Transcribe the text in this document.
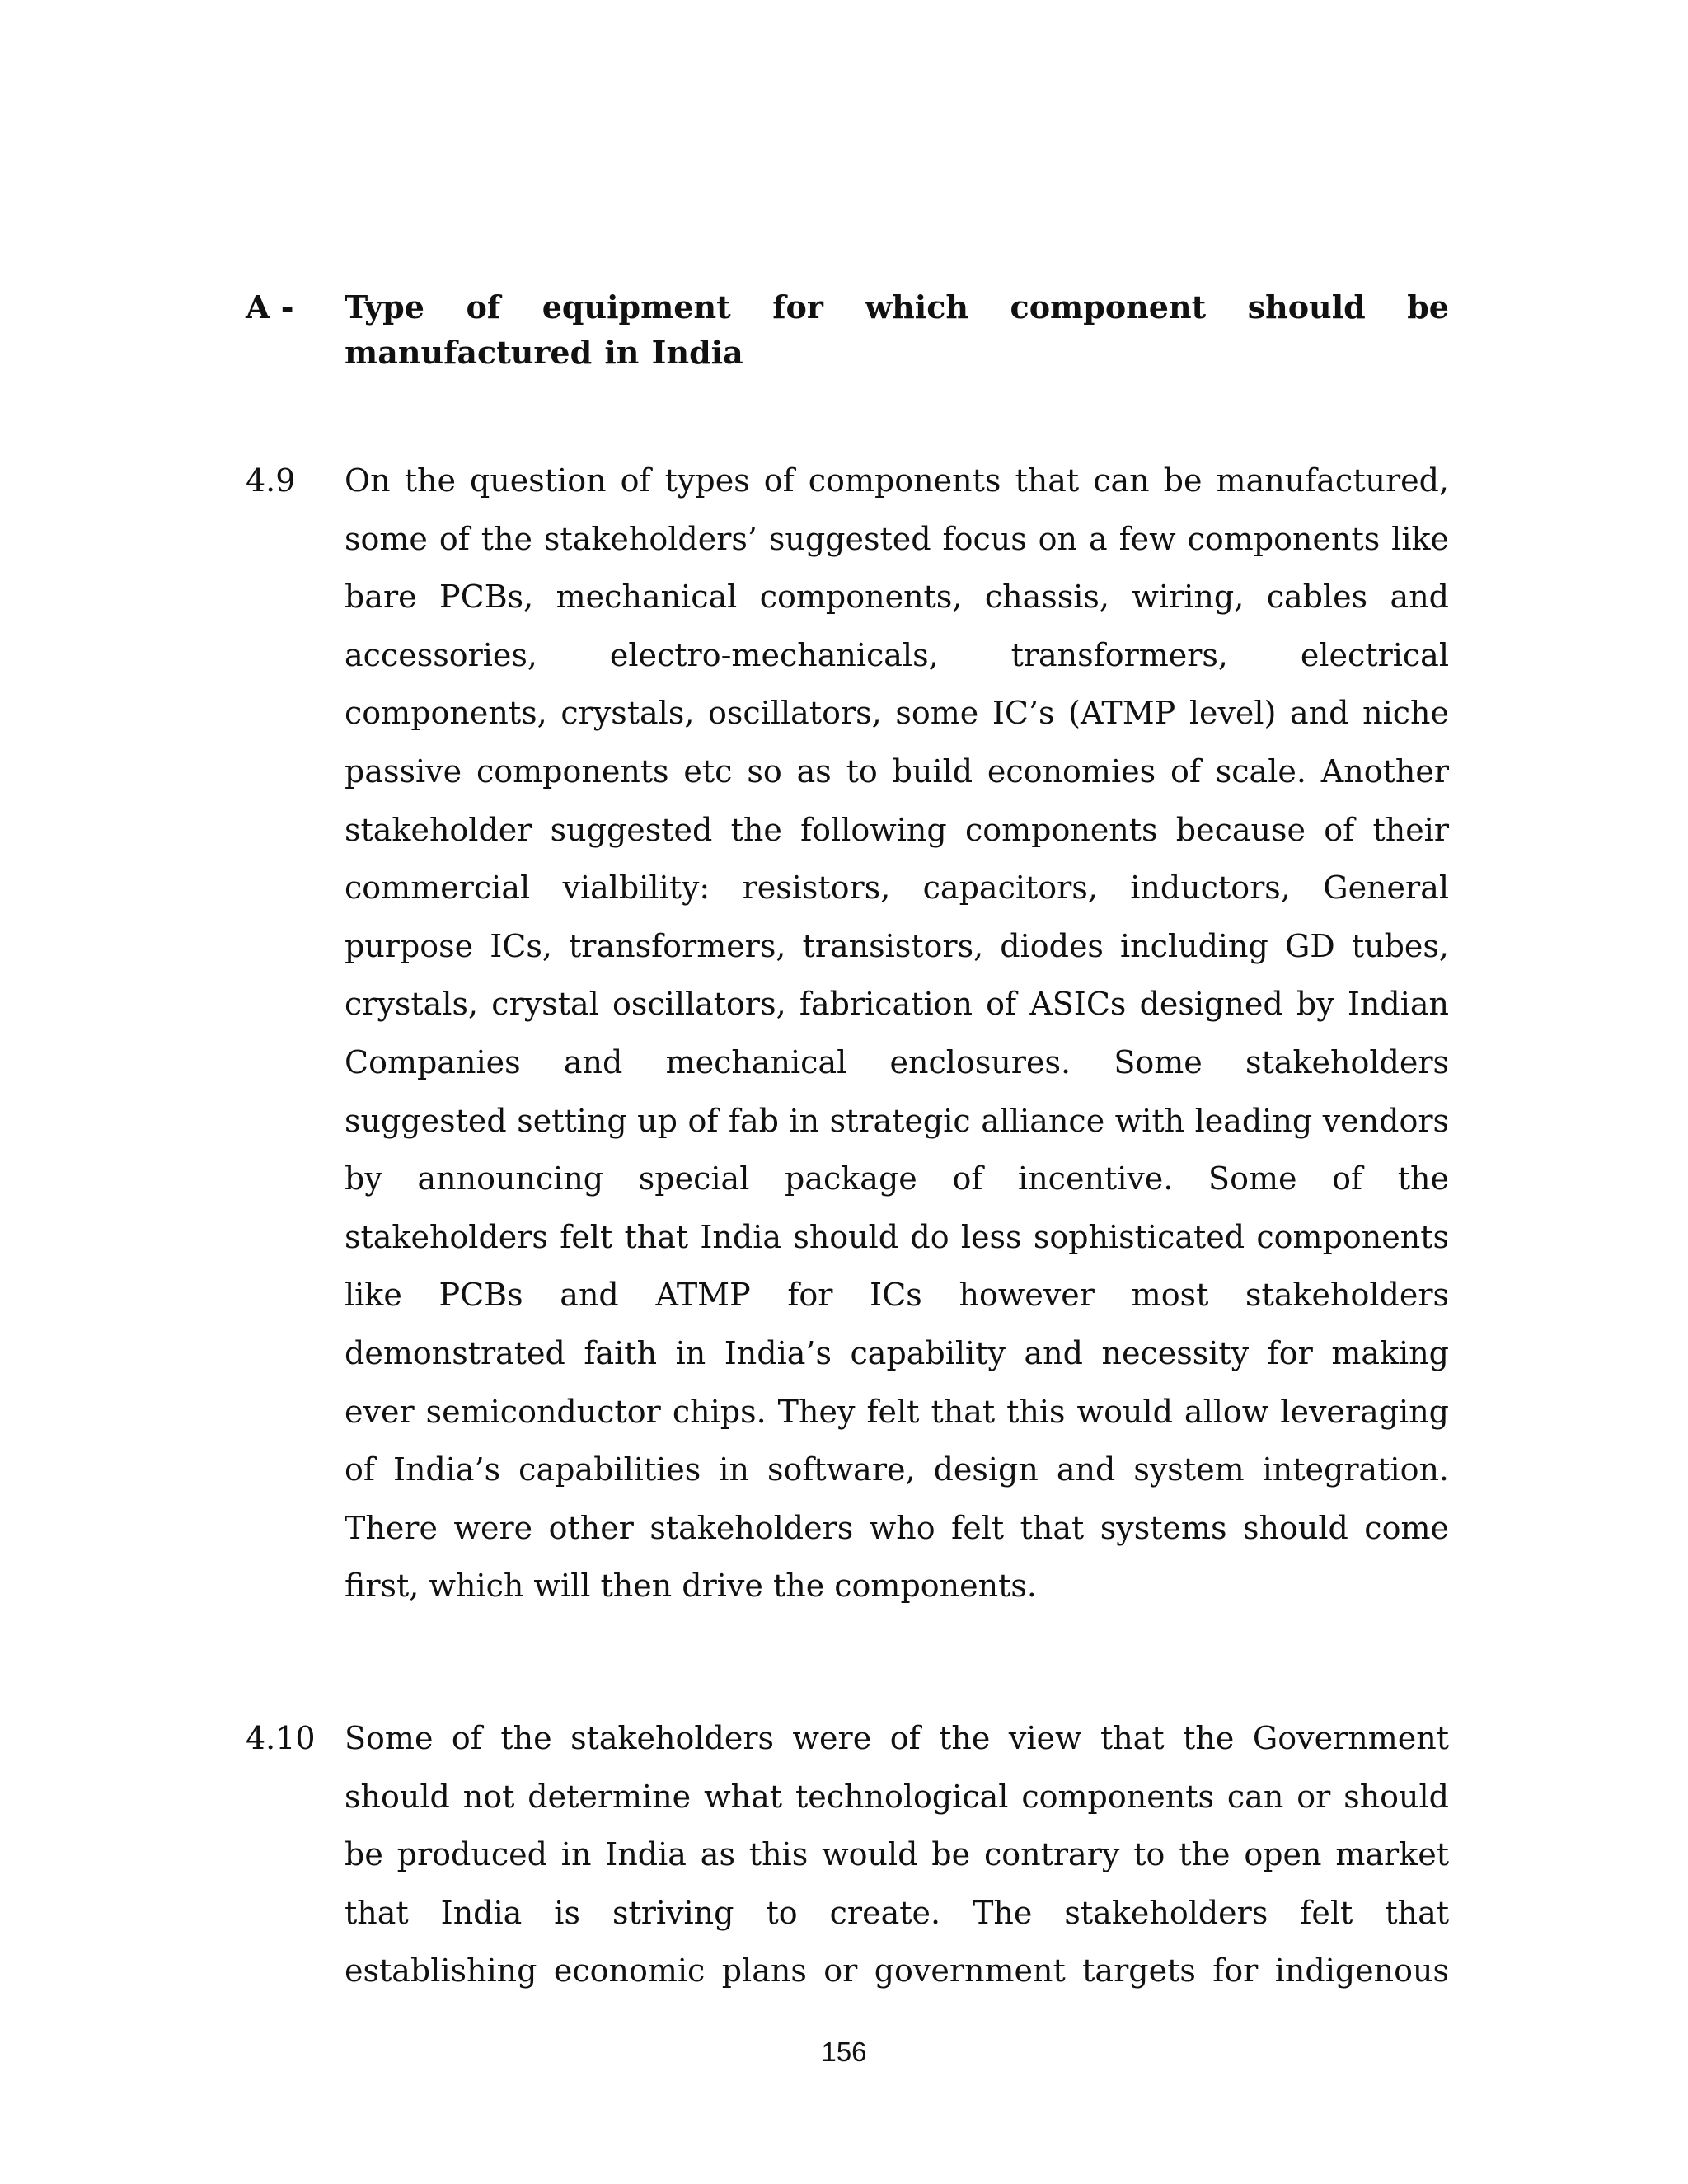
A - Type of equipment for which component should be manufactured in India
4.9 On the question of types of components that can be manufactured, some of the stakeholders’ suggested focus on a few components like bare PCBs, mechanical components, chassis, wiring, cables and accessories, electro-mechanicals, transformers, electrical components, crystals, oscillators, some IC’s (ATMP level) and niche passive components etc so as to build economies of scale. Another stakeholder suggested the following components because of their commercial vialbility: resistors, capacitors, inductors, General purpose ICs, transformers, transistors, diodes including GD tubes, crystals, crystal oscillators, fabrication of ASICs designed by Indian Companies and mechanical enclosures. Some stakeholders suggested setting up of fab in strategic alliance with leading vendors by announcing special package of incentive. Some of the stakeholders felt that India should do less sophisticated components like PCBs and ATMP for ICs however most stakeholders demonstrated faith in India’s capability and necessity for making ever semiconductor chips. They felt that this would allow leveraging of India’s capabilities in software, design and system integration. There were other stakeholders who felt that systems should come first, which will then drive the components.

4.10 Some of the stakeholders were of the view that the Government should not determine what technological components can or should be produced in India as this would be contrary to the open market that India is striving to create. The stakeholders felt that establishing economic plans or government targets for indigenous

156
